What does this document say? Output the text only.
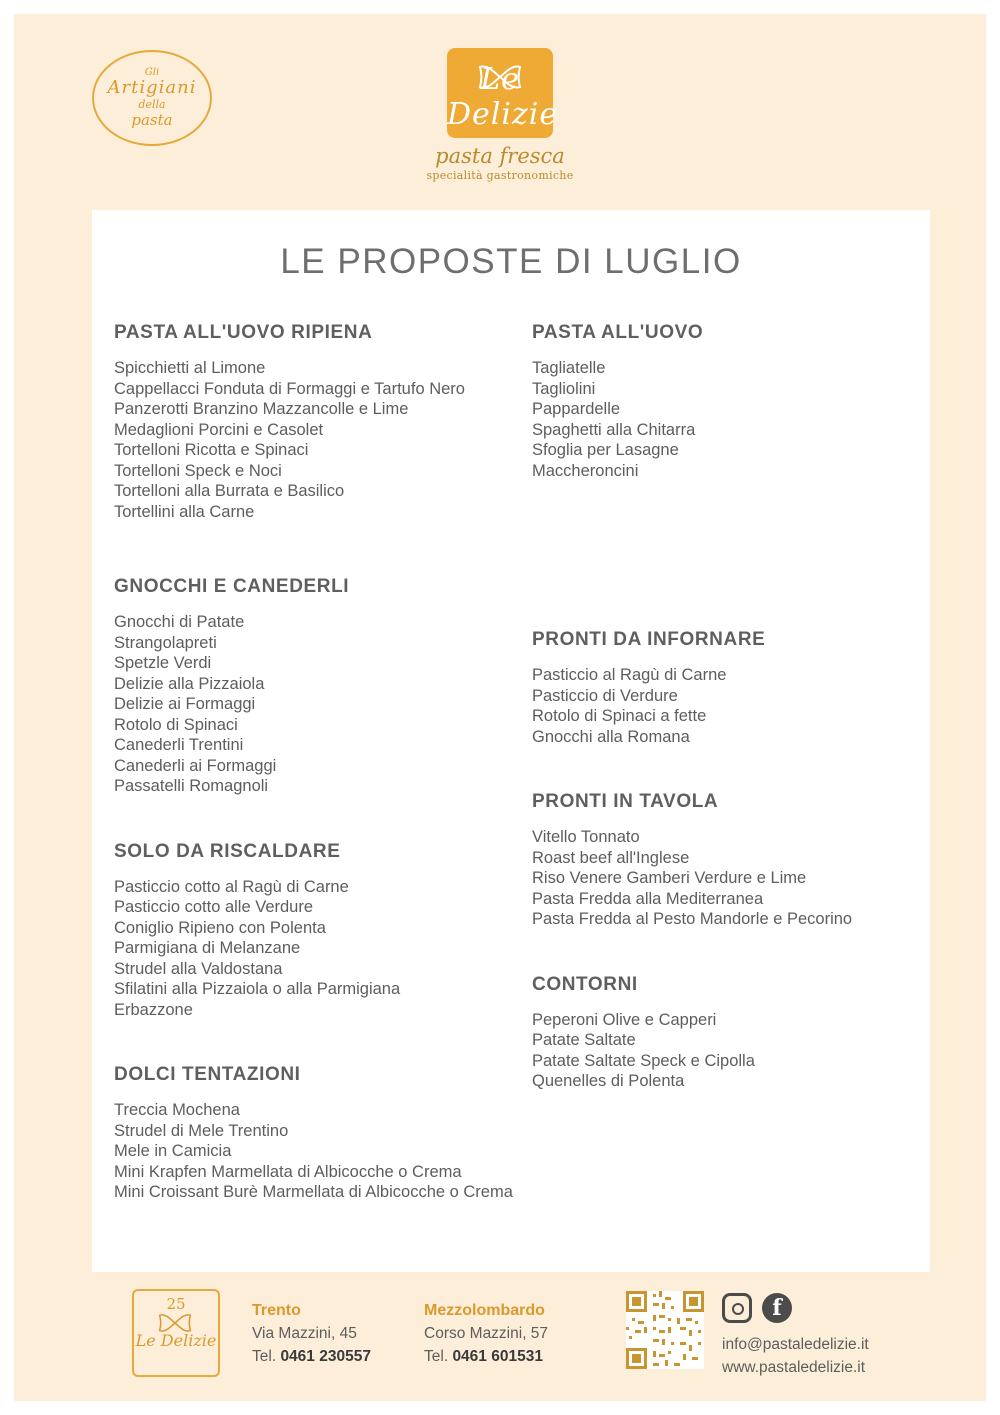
Gli
Artigiani
della
pasta
Le Delizie
pasta fresca
specialità gastronomiche
LE PROPOSTE DI LUGLIO
PASTA ALL'UOVO RIPIENA
Spicchietti al Limone
Cappellacci Fonduta di Formaggi e Tartufo Nero
Panzerotti Branzino Mazzancolle e Lime
Medaglioni Porcini e Casolet
Tortelloni Ricotta e Spinaci
Tortelloni Speck e Noci
Tortelloni alla Burrata e Basilico
Tortellini alla Carne
GNOCCHI E CANEDERLI
Gnocchi di Patate
Strangolapreti
Spetzle Verdi
Delizie alla Pizzaiola
Delizie ai Formaggi
Rotolo di Spinaci
Canederli Trentini
Canederli ai Formaggi
Passatelli Romagnoli
SOLO DA RISCALDARE
Pasticcio cotto al Ragù di Carne
Pasticcio cotto alle Verdure
Coniglio Ripieno con Polenta
Parmigiana di Melanzane
Strudel alla Valdostana
Sfilatini alla Pizzaiola o alla Parmigiana
Erbazzone
DOLCI TENTAZIONI
Treccia Mochena
Strudel di Mele Trentino
Mele in Camicia
Mini Krapfen Marmellata di Albicocche o Crema
Mini Croissant Burè Marmellata di Albicocche o Crema
PASTA ALL'UOVO
Tagliatelle
Tagliolini
Pappardelle
Spaghetti alla Chitarra
Sfoglia per Lasagne
Maccheroncini
PRONTI DA INFORNARE
Pasticcio al Ragù di Carne
Pasticcio di Verdure
Rotolo di Spinaci a fette
Gnocchi alla Romana
PRONTI IN TAVOLA
Vitello Tonnato
Roast beef all'Inglese
Riso Venere Gamberi Verdure e Lime
Pasta Fredda alla Mediterranea
Pasta Fredda al Pesto Mandorle e Pecorino
CONTORNI
Peperoni Olive e Capperi
Patate Saltate
Patate Saltate Speck e Cipolla
Quenelles di Polenta
25
Le Delizie
Trento
Via Mazzini, 45
Tel. 0461 230557
Mezzolombardo
Corso Mazzini, 57
Tel. 0461 601531
f
info@pastaledelizie.it
www.pastaledelizie.it
